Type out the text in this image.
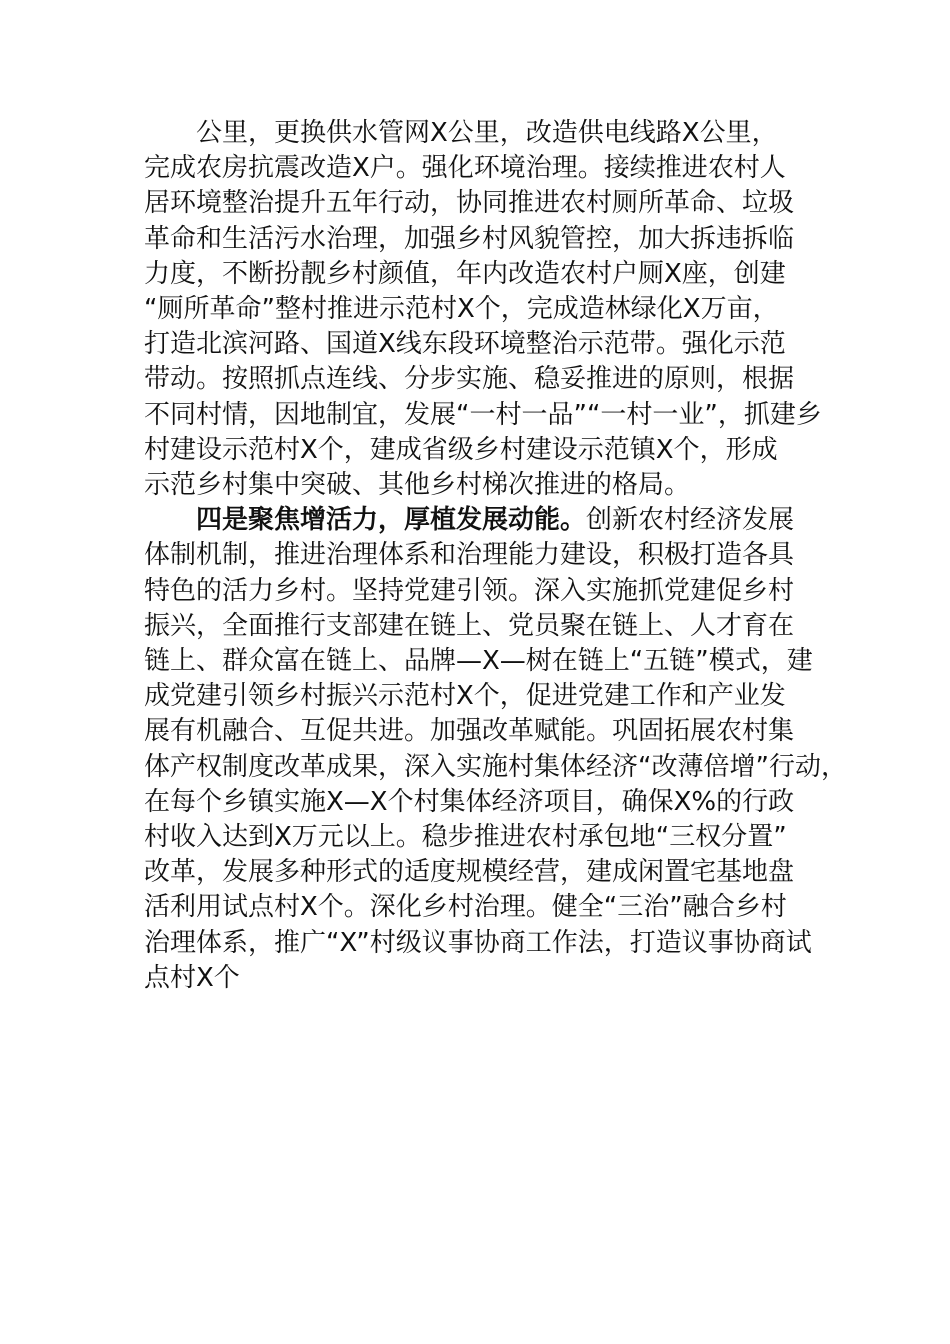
公里，更换供水管网X公里，改造供电线路X公里，
完成农房抗震改造X户。强化环境治理。接续推进农村人
居环境整治提升五年行动，协同推进农村厕所革命、垃圾
革命和生活污水治理，加强乡村风貌管控，加大拆违拆临
力度，不断扮靓乡村颜值，年内改造农村户厕X座，创建
“厕所革命”整村推进示范村X个，完成造林绿化X万亩，
打造北滨河路、国道X线东段环境整治示范带。强化示范
带动。按照抓点连线、分步实施、稳妥推进的原则，根据
不同村情，因地制宜，发展“一村一品”“一村一业”，抓建乡
村建设示范村X个，建成省级乡村建设示范镇X个，形成
示范乡村集中突破、其他乡村梯次推进的格局。
四是聚焦增活力，厚植发展动能。创新农村经济发展
体制机制，推进治理体系和治理能力建设，积极打造各具
特色的活力乡村。坚持党建引领。深入实施抓党建促乡村
振兴，全面推行支部建在链上、党员聚在链上、人才育在
链上、群众富在链上、品牌—X—树在链上“五链”模式，建
成党建引领乡村振兴示范村X个，促进党建工作和产业发
展有机融合、互促共进。加强改革赋能。巩固拓展农村集
体产权制度改革成果，深入实施村集体经济“改薄倍增”行动，
在每个乡镇实施X—X个村集体经济项目，确保X%的行政
村收入达到X万元以上。稳步推进农村承包地“三权分置”
改革，发展多种形式的适度规模经营，建成闲置宅基地盘
活利用试点村X个。深化乡村治理。健全“三治”融合乡村
治理体系，推广“X”村级议事协商工作法，打造议事协商试
点村X个
